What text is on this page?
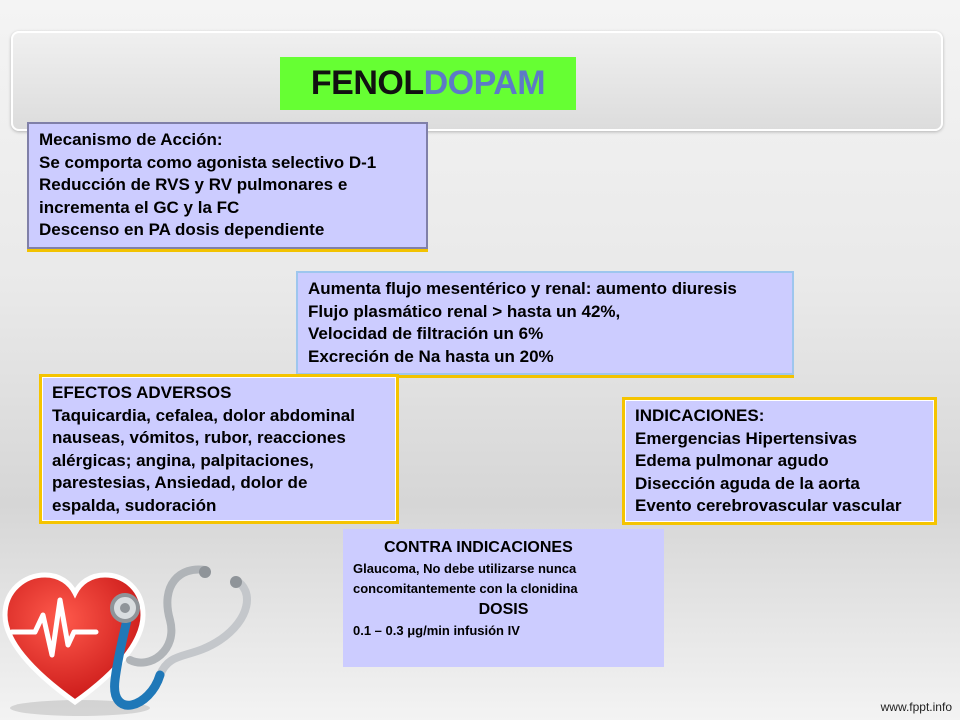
FENOL DOPAM
Mecanismo de Acción:
Se comporta como agonista selectivo D-1
Reducción de RVS y RV pulmonares e
incrementa el GC y la FC
Descenso en PA dosis dependiente
Aumenta flujo mesentérico y renal: aumento diuresis
Flujo plasmático renal > hasta un 42%,
Velocidad de filtración un 6%
Excreción de Na hasta un 20%
EFECTOS ADVERSOS
Taquicardia, cefalea, dolor abdominal
nauseas, vómitos, rubor, reacciones
alérgicas; angina, palpitaciones,
parestesias, Ansiedad, dolor de
espalda, sudoración
INDICACIONES:
Emergencias Hipertensivas
Edema pulmonar agudo
Disección aguda de la aorta
Evento cerebrovascular vascular
CONTRA INDICACIONES
Glaucoma, No debe utilizarse nunca
concomitantemente con la clonidina
DOSIS
0.1 – 0.3 μg/min infusión IV
www.fppt.info
